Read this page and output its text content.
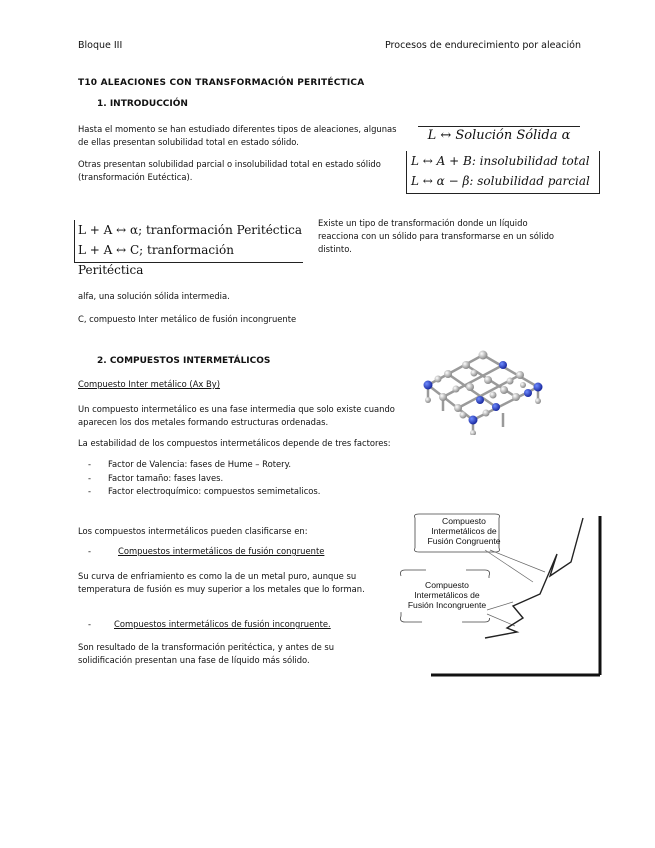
Bloque III	Procesos de endurecimiento por aleación
T10 ALEACIONES CON TRANSFORMACIÓN PERITÉCTICA
1. INTRODUCCIÓN
Hasta el momento se han estudiado diferentes tipos de aleaciones, algunas de ellas presentan solubilidad total en estado sólido.
Otras presentan solubilidad parcial o insolubilidad total en estado sólido (transformación Eutéctica).
L ↔ Solución Sólida α
L ↔ A + B: insolubilidad total
L ↔ α − β: solubilidad parcial
L + A ↔ α; tranformación Peritéctica
L + A ↔ C; tranformación Peritéctica
Existe un tipo de transformación donde un líquido reacciona con un sólido para transformarse en un sólido distinto.
alfa, una solución sólida intermedia.
C, compuesto Inter metálico de fusión incongruente
2. COMPUESTOS INTERMETÁLICOS
Compuesto Inter metálico (Ax By)
Un compuesto intermetálico es una fase intermedia que solo existe cuando aparecen los dos metales formando estructuras ordenadas.
La estabilidad de los compuestos intermetálicos depende de tres factores:
- Factor de Valencia: fases de Hume – Rotery.
- Factor tamaño: fases laves.
- Factor electroquímico: compuestos semimetalicos.
Los compuestos intermetálicos pueden clasificarse en:
- Compuestos intermetálicos de fusión congruente
Su curva de enfriamiento es como la de un metal puro, aunque su temperatura de fusión es muy superior a los metales que lo forman.
- Compuestos intermetálicos de fusión incongruente.
Son resultado de la transformación peritéctica, y antes de su solidificación presentan una fase de líquido más sólido.
Compuesto
Intermetálicos de
Fusión Congruente
Compuesto
Intermetálicos de
Fusión Incongruente
